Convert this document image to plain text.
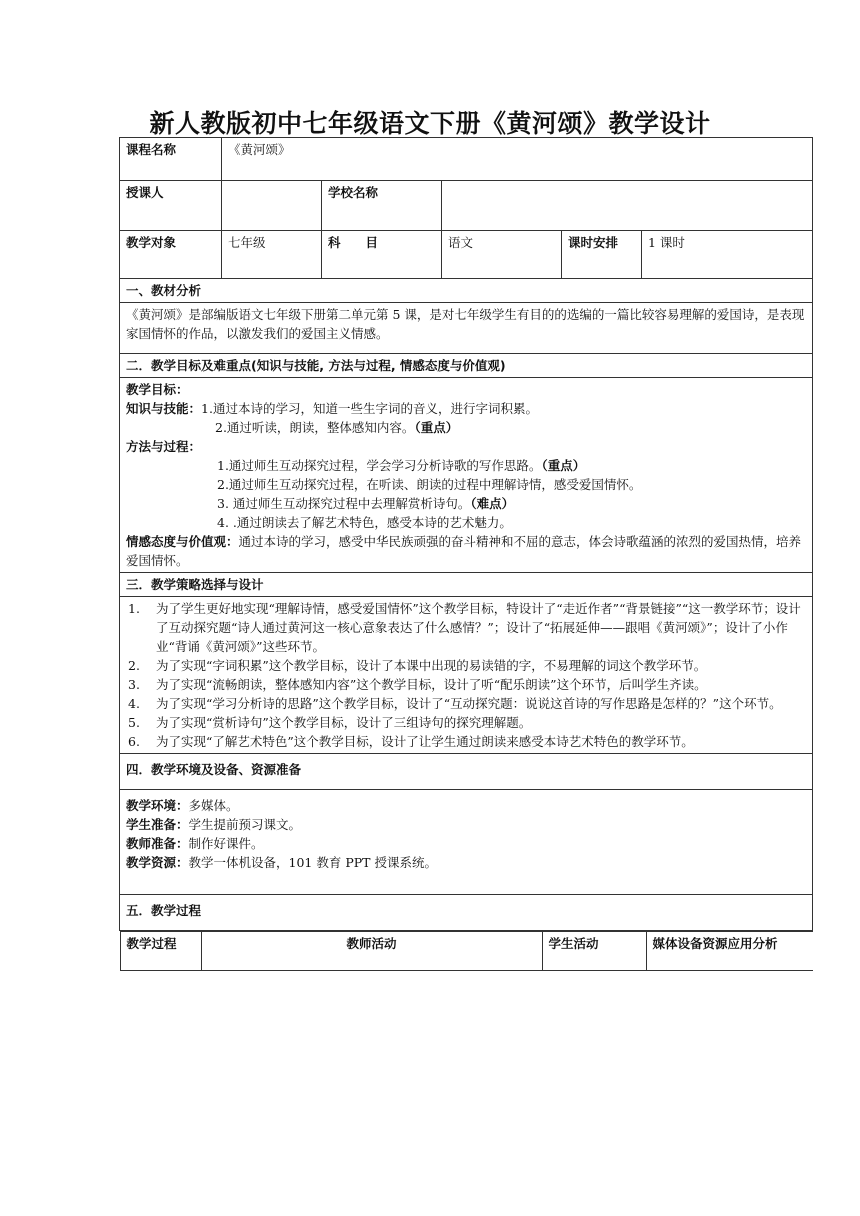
新人教版初中七年级语文下册《黄河颂》教学设计
课程名称	《黄河颂》
授课人		学校名称	
教学对象	七年级	科　　目	语文	课时安排	1 课时
一、教材分析
《黄河颂》是部编版语文七年级下册第二单元第 5 课，是对七年级学生有目的的选编的一篇比较容易理解的爱国诗，是表现家国情怀的作品，以激发我们的爱国主义情感。
二．教学目标及难重点(知识与技能, 方法与过程, 情感态度与价值观)

教学目标：
知识与技能：1.通过本诗的学习，知道一些生字词的音义，进行字词积累。
2.通过听读，朗读，整体感知内容。（重点）
方法与过程：
1.通过师生互动探究过程，学会学习分析诗歌的写作思路。（重点）
2.通过师生互动探究过程，在听读、朗读的过程中理解诗情，感受爱国情怀。
3. 通过师生互动探究过程中去理解赏析诗句。（难点）
4. .通过朗读去了解艺术特色，感受本诗的艺术魅力。
情感态度与价值观：通过本诗的学习，感受中华民族顽强的奋斗精神和不屈的意志，体会诗歌蕴涵的浓烈的爱国热情，培养爱国情怀。

三．教学策略选择与设计

1. 为了学生更好地实现“理解诗情，感受爱国情怀”这个教学目标，特设计了“走近作者”“背景链接”“这一教学环节；设计了互动探究题“诗人通过黄河这一核心意象表达了什么感情？”；设计了“拓展延伸——跟唱《黄河颂》”；设计了小作业“背诵《黄河颂》”这些环节。
2. 为了实现“字词积累”这个教学目标，设计了本课中出现的易读错的字，不易理解的词这个教学环节。
3. 为了实现“流畅朗读，整体感知内容”这个教学目标，设计了听“配乐朗读”这个环节，后叫学生齐读。
4. 为了实现“学习分析诗的思路”这个教学目标，设计了“互动探究题：说说这首诗的写作思路是怎样的？”这个环节。
5. 为了实现“赏析诗句”这个教学目标，设计了三组诗句的探究理解题。
6. 为了实现“了解艺术特色”这个教学目标，设计了让学生通过朗读来感受本诗艺术特色的教学环节。

四．教学环境及设备、资源准备

教学环境：多媒体。
学生准备：学生提前预习课文。
教师准备：制作好课件。
教学资源：教学一体机设备，101 教育 PPT 授课系统。

五．教学过程

教学过程	教师活动	学生活动	媒体设备资源应用分析
